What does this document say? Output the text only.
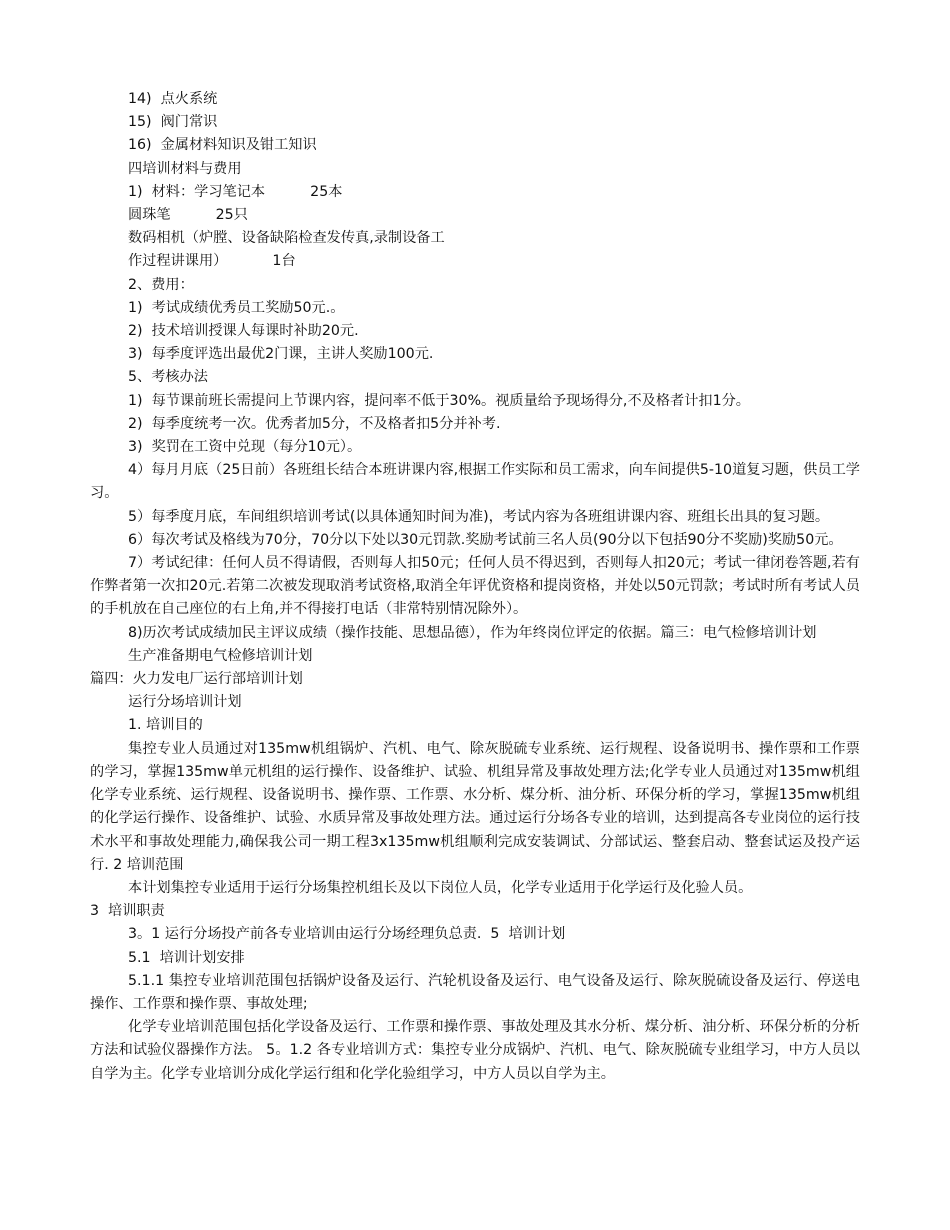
14)  点火系统
15)  阀门常识
16)  金属材料知识及钳工知识
四培训材料与费用
1)  材料：学习笔记本          25本
圆珠笔          25只
数码相机（炉膛、设备缺陷检查发传真,录制设备工
作过程讲课用）          1台
2、费用：
1)  考试成绩优秀员工奖励50元.。
2)  技术培训授课人每课时补助20元.
3)  每季度评选出最优2门课，主讲人奖励100元.
5、考核办法
1)  每节课前班长需提问上节课内容，提问率不低于30%。视质量给予现场得分,不及格者计扣1分。
2)  每季度统考一次。优秀者加5分，不及格者扣5分并补考.
3)  奖罚在工资中兑现（每分10元）。

4）每月月底（25日前）各班组长结合本班讲课内容,根据工作实际和员工需求，向车间提供5-10道复习题，供员工学习。

5）每季度月底，车间组织培训考试(以具体通知时间为准)，考试内容为各班组讲课内容、班组长出具的复习题。

6）每次考试及格线为70分，70分以下处以30元罚款.奖励考试前三名人员(90分以下包括90分不奖励)奖励50元。

7）考试纪律：任何人员不得请假，否则每人扣50元；任何人员不得迟到，否则每人扣20元；考试一律闭卷答题,若有作弊者第一次扣20元.若第二次被发现取消考试资格,取消全年评优资格和提岗资格，并处以50元罚款；考试时所有考试人员的手机放在自己座位的右上角,并不得接打电话（非常特别情况除外）。

8)历次考试成绩加民主评议成绩（操作技能、思想品德），作为年终岗位评定的依据。篇三：电气检修培训计划

生产准备期电气检修培训计划
篇四：火力发电厂运行部培训计划
运行分场培训计划
1. 培训目的

集控专业人员通过对135mw机组锅炉、汽机、电气、除灰脱硫专业系统、运行规程、设备说明书、操作票和工作票的学习，掌握135mw单元机组的运行操作、设备维护、试验、机组异常及事故处理方法;化学专业人员通过对135mw机组化学专业系统、运行规程、设备说明书、操作票、工作票、水分析、煤分析、油分析、环保分析的学习，掌握135mw机组的化学运行操作、设备维护、试验、水质异常及事故处理方法。通过运行分场各专业的培训，达到提高各专业岗位的运行技术水平和事故处理能力,确保我公司一期工程3x135mw机组顺利完成安装调试、分部试运、整套启动、整套试运及投产运行. 2 培训范围

本计划集控专业适用于运行分场集控机组长及以下岗位人员，化学专业适用于化学运行及化验人员。

3  培训职责
3。1 运行分场投产前各专业培训由运行分场经理负总责.  5  培训计划
5.1  培训计划安排

5.1.1 集控专业培训范围包括锅炉设备及运行、汽轮机设备及运行、电气设备及运行、除灰脱硫设备及运行、停送电操作、工作票和操作票、事故处理;

化学专业培训范围包括化学设备及运行、工作票和操作票、事故处理及其水分析、煤分析、油分析、环保分析的分析方法和试验仪器操作方法。 5。1.2 各专业培训方式：集控专业分成锅炉、汽机、电气、除灰脱硫专业组学习，中方人员以自学为主。化学专业培训分成化学运行组和化学化验组学习，中方人员以自学为主。
